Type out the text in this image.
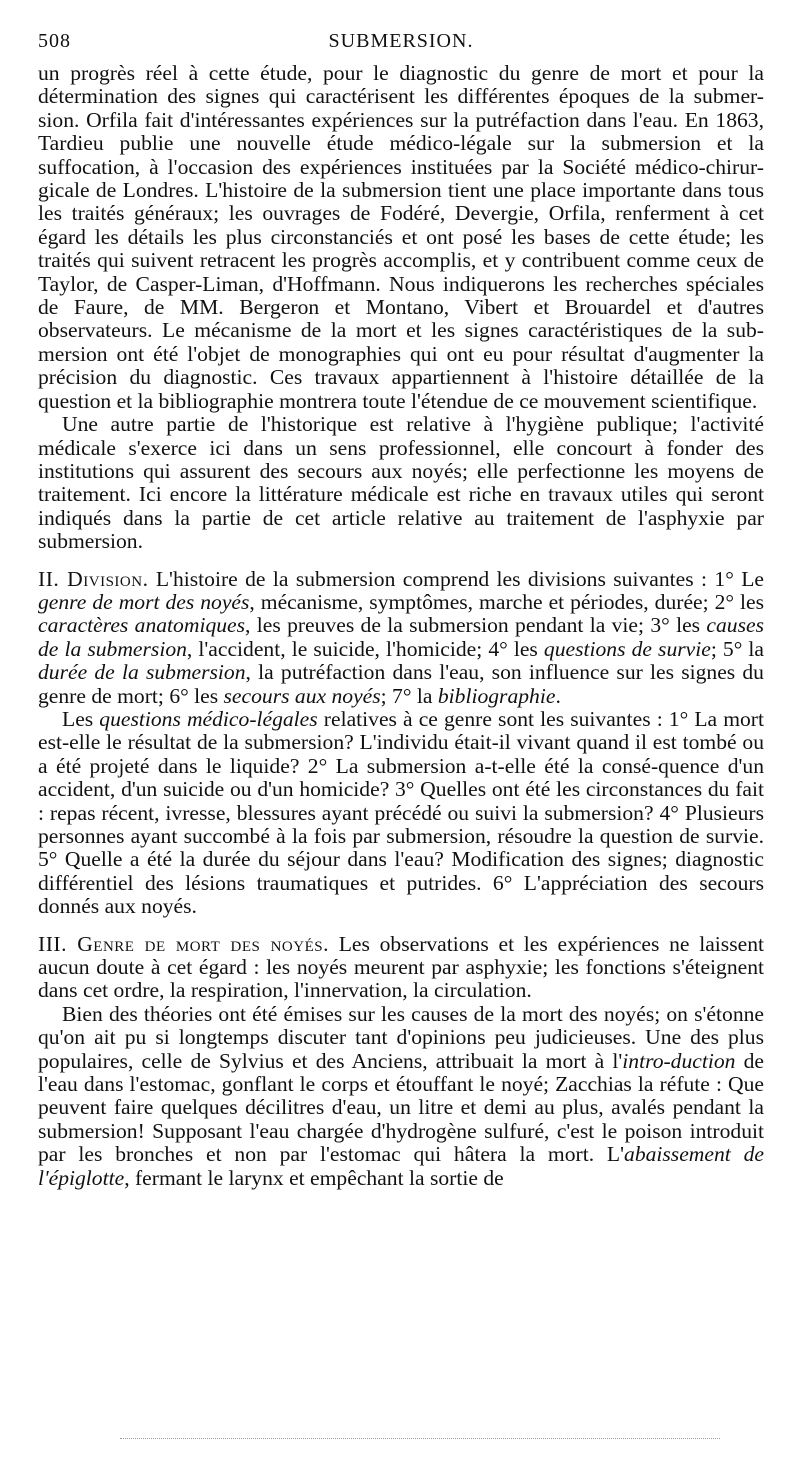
508	SUBMERSION.

un progrès réel à cette étude, pour le diagnostic du genre de mort et pour la détermination des signes qui caractérisent les différentes époques de la submer-sion. Orfila fait d'intéressantes expériences sur la putréfaction dans l'eau. En 1863, Tardieu publie une nouvelle étude médico-légale sur la submersion et la suffocation, à l'occasion des expériences instituées par la Société médico-chirur-gicale de Londres. L'histoire de la submersion tient une place importante dans tous les traités généraux; les ouvrages de Fodéré, Devergie, Orfila, renferment à cet égard les détails les plus circonstanciés et ont posé les bases de cette étude; les traités qui suivent retracent les progrès accomplis, et y contribuent comme ceux de Taylor, de Casper-Liman, d'Hoffmann. Nous indiquerons les recherches spéciales de Faure, de MM. Bergeron et Montano, Vibert et Brouardel et d'autres observateurs. Le mécanisme de la mort et les signes caractéristiques de la sub-mersion ont été l'objet de monographies qui ont eu pour résultat d'augmenter la précision du diagnostic. Ces travaux appartiennent à l'histoire détaillée de la question et la bibliographie montrera toute l'étendue de ce mouvement scientifique.

Une autre partie de l'historique est relative à l'hygiène publique; l'activité médicale s'exerce ici dans un sens professionnel, elle concourt à fonder des institutions qui assurent des secours aux noyés; elle perfectionne les moyens de traitement. Ici encore la littérature médicale est riche en travaux utiles qui seront indiqués dans la partie de cet article relative au traitement de l'asphyxie par submersion.

II. Division. L'histoire de la submersion comprend les divisions suivantes : 1° Le genre de mort des noyés, mécanisme, symptômes, marche et périodes, durée; 2° les caractères anatomiques, les preuves de la submersion pendant la vie; 3° les causes de la submersion, l'accident, le suicide, l'homicide; 4° les questions de survie; 5° la durée de la submersion, la putréfaction dans l'eau, son influence sur les signes du genre de mort; 6° les secours aux noyés; 7° la bibliographie.

Les questions médico-légales relatives à ce genre sont les suivantes : 1° La mort est-elle le résultat de la submersion? L'individu était-il vivant quand il est tombé ou a été projeté dans le liquide? 2° La submersion a-t-elle été la consé-quence d'un accident, d'un suicide ou d'un homicide? 3° Quelles ont été les circonstances du fait : repas récent, ivresse, blessures ayant précédé ou suivi la submersion? 4° Plusieurs personnes ayant succombé à la fois par submersion, résoudre la question de survie. 5° Quelle a été la durée du séjour dans l'eau? Modification des signes; diagnostic différentiel des lésions traumatiques et putrides. 6° L'appréciation des secours donnés aux noyés.

III. Genre de mort des noyés. Les observations et les expériences ne laissent aucun doute à cet égard : les noyés meurent par asphyxie; les fonctions s'éteignent dans cet ordre, la respiration, l'innervation, la circulation.

Bien des théories ont été émises sur les causes de la mort des noyés; on s'étonne qu'on ait pu si longtemps discuter tant d'opinions peu judicieuses. Une des plus populaires, celle de Sylvius et des Anciens, attribuait la mort à l'intro-duction de l'eau dans l'estomac, gonflant le corps et étouffant le noyé; Zacchias la réfute : Que peuvent faire quelques décilitres d'eau, un litre et demi au plus, avalés pendant la submersion! Supposant l'eau chargée d'hydrogène sulfuré, c'est le poison introduit par les bronches et non par l'estomac qui hâtera la mort. L'abaissement de l'épiglotte, fermant le larynx et empêchant la sortie de
